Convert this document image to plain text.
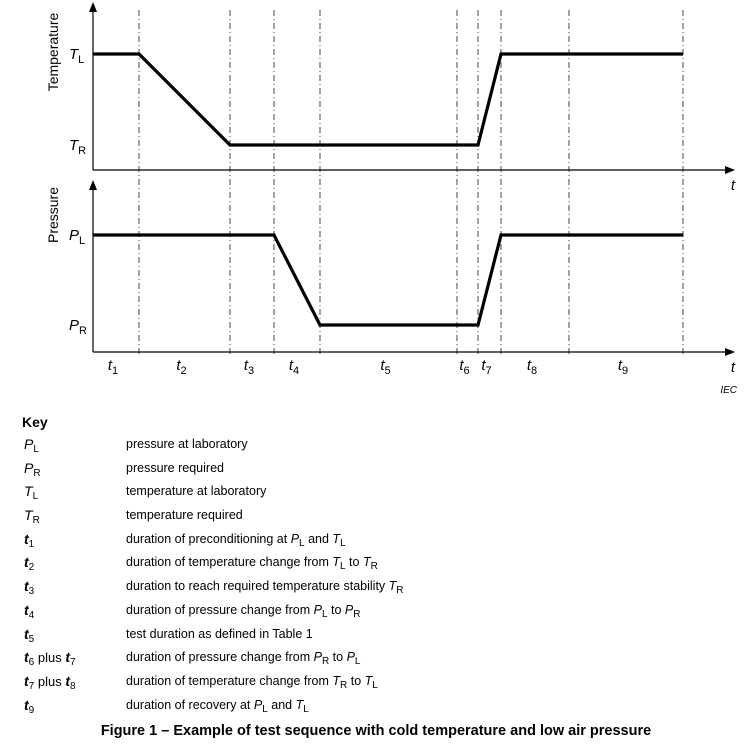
t
Temperature $T_L$
$T_R$
t
Pressure $P_L$
$P_R$
$t_1$	$t_2$	$t_3$ $t_4$	$t_5$	$t_6$ $t_7$ $t_8$	$t_9$
IEC
Key
$P_L$	pressure at laboratory
$P_R$	pressure required
$T_L$	temperature at laboratory
$T_R$	temperature required
$t_1$	duration of preconditioning at $P_L$ and $T_L$
$t_2$	duration of temperature change from $T_L$ to $T_R$
$t_3$	duration to reach required temperature stability $T_R$
$t_4$	duration of pressure change from $P_L$ to $P_R$
$t_5$	test duration as defined in Table 1
$t_6$ plus $t_7$	duration of pressure change from $P_R$ to $P_L$
$t_7$ plus $t_8$	duration of temperature change from $T_R$ to $T_L$
$t_9$	duration of recovery at $P_L$ and $T_L$
Figure 1 – Example of test sequence with cold temperature and low air pressure
